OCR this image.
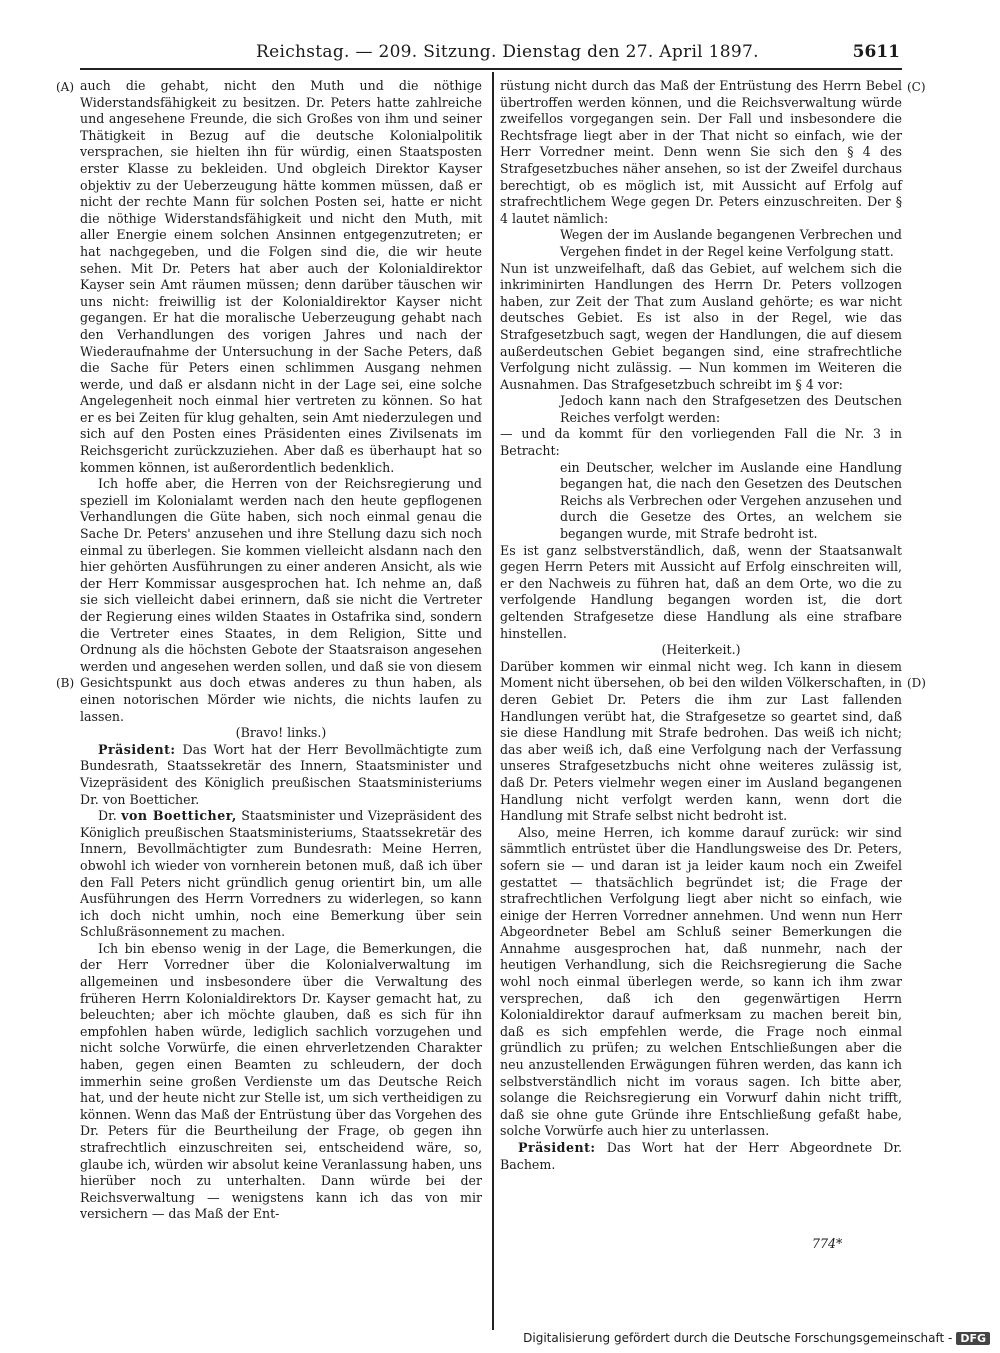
Reichstag. — 209. Sitzung. Dienstag den 27. April 1897.	5611
(A)
(B)
(C)
(D)

auch die gehabt, nicht den Muth und die nöthige Widerstandsfähigkeit zu besitzen. Dr. Peters hatte zahlreiche und angesehene Freunde, die sich Großes von ihm und seiner Thätigkeit in Bezug auf die deutsche Kolonialpolitik versprachen, sie hielten ihn für würdig, einen Staatsposten erster Klasse zu bekleiden. Und obgleich Direktor Kayser objektiv zu der Ueberzeugung hätte kommen müssen, daß er nicht der rechte Mann für solchen Posten sei, hatte er nicht die nöthige Widerstandsfähigkeit und nicht den Muth, mit aller Energie einem solchen Ansinnen entgegenzutreten; er hat nachgegeben, und die Folgen sind die, die wir heute sehen. Mit Dr. Peters hat aber auch der Kolonialdirektor Kayser sein Amt räumen müssen; denn darüber täuschen wir uns nicht: freiwillig ist der Kolonialdirektor Kayser nicht gegangen. Er hat die moralische Ueberzeugung gehabt nach den Verhandlungen des vorigen Jahres und nach der Wiederaufnahme der Untersuchung in der Sache Peters, daß die Sache für Peters einen schlimmen Ausgang nehmen werde, und daß er alsdann nicht in der Lage sei, eine solche Angelegenheit noch einmal hier vertreten zu können. So hat er es bei Zeiten für klug gehalten, sein Amt niederzulegen und sich auf den Posten eines Präsidenten eines Zivilsenats im Reichsgericht zurückzuziehen. Aber daß es überhaupt hat so kommen können, ist außerordentlich bedenklich.

Ich hoffe aber, die Herren von der Reichsregierung und speziell im Kolonialamt werden nach den heute gepflogenen Verhandlungen die Güte haben, sich noch einmal genau die Sache Dr. Peters' anzusehen und ihre Stellung dazu sich noch einmal zu überlegen. Sie kommen vielleicht alsdann nach den hier gehörten Ausführungen zu einer anderen Ansicht, als wie der Herr Kommissar ausgesprochen hat. Ich nehme an, daß sie sich vielleicht dabei erinnern, daß sie nicht die Vertreter der Regierung eines wilden Staates in Ostafrika sind, sondern die Vertreter eines Staates, in dem Religion, Sitte und Ordnung als die höchsten Gebote der Staatsraison angesehen werden und angesehen werden sollen, und daß sie von diesem Gesichtspunkt aus doch etwas anderes zu thun haben, als einen notorischen Mörder wie nichts, die nichts laufen zu lassen.

(Bravo! links.)

Präsident: Das Wort hat der Herr Bevollmächtigte zum Bundesrath, Staatssekretär des Innern, Staatsminister und Vizepräsident des Königlich preußischen Staatsministeriums Dr. von Boetticher.

Dr. von Boetticher, Staatsminister und Vizepräsident des Königlich preußischen Staatsministeriums, Staatssekretär des Innern, Bevollmächtigter zum Bundesrath: Meine Herren, obwohl ich wieder von vornherein betonen muß, daß ich über den Fall Peters nicht gründlich genug orientirt bin, um alle Ausführungen des Herrn Vorredners zu widerlegen, so kann ich doch nicht umhin, noch eine Bemerkung über sein Schlußräsonnement zu machen.

Ich bin ebenso wenig in der Lage, die Bemerkungen, die der Herr Vorredner über die Kolonialverwaltung im allgemeinen und insbesondere über die Verwaltung des früheren Herrn Kolonialdirektors Dr. Kayser gemacht hat, zu beleuchten; aber ich möchte glauben, daß es sich für ihn empfohlen haben würde, lediglich sachlich vorzugehen und nicht solche Vorwürfe, die einen ehrverletzenden Charakter haben, gegen einen Beamten zu schleudern, der doch immerhin seine großen Verdienste um das Deutsche Reich hat, und der heute nicht zur Stelle ist, um sich vertheidigen zu können. Wenn das Maß der Entrüstung über das Vorgehen des Dr. Peters für die Beurtheilung der Frage, ob gegen ihn strafrechtlich einzuschreiten sei, entscheidend wäre, so, glaube ich, würden wir absolut keine Veranlassung haben, uns hierüber noch zu unterhalten. Dann würde bei der Reichsverwaltung — wenigstens kann ich das von mir versichern — das Maß der Ent-

rüstung nicht durch das Maß der Entrüstung des Herrn Bebel übertroffen werden können, und die Reichsverwaltung würde zweifellos vorgegangen sein. Der Fall und insbesondere die Rechtsfrage liegt aber in der That nicht so einfach, wie der Herr Vorredner meint. Denn wenn Sie sich den § 4 des Strafgesetzbuches näher ansehen, so ist der Zweifel durchaus berechtigt, ob es möglich ist, mit Aussicht auf Erfolg auf strafrechtlichem Wege gegen Dr. Peters einzuschreiten. Der § 4 lautet nämlich:

Wegen der im Auslande begangenen Verbrechen und Vergehen findet in der Regel keine Verfolgung statt.

Nun ist unzweifelhaft, daß das Gebiet, auf welchem sich die inkriminirten Handlungen des Herrn Dr. Peters vollzogen haben, zur Zeit der That zum Ausland gehörte; es war nicht deutsches Gebiet. Es ist also in der Regel, wie das Strafgesetzbuch sagt, wegen der Handlungen, die auf diesem außerdeutschen Gebiet begangen sind, eine strafrechtliche Verfolgung nicht zulässig. — Nun kommen im Weiteren die Ausnahmen. Das Strafgesetzbuch schreibt im § 4 vor:

Jedoch kann nach den Strafgesetzen des Deutschen Reiches verfolgt werden:

— und da kommt für den vorliegenden Fall die Nr. 3 in Betracht:

ein Deutscher, welcher im Auslande eine Handlung begangen hat, die nach den Gesetzen des Deutschen Reichs als Verbrechen oder Vergehen anzusehen und durch die Gesetze des Ortes, an welchem sie begangen wurde, mit Strafe bedroht ist.

Es ist ganz selbstverständlich, daß, wenn der Staatsanwalt gegen Herrn Peters mit Aussicht auf Erfolg einschreiten will, er den Nachweis zu führen hat, daß an dem Orte, wo die zu verfolgende Handlung begangen worden ist, die dort geltenden Strafgesetze diese Handlung als eine strafbare hinstellen.

(Heiterkeit.)

Darüber kommen wir einmal nicht weg. Ich kann in diesem Moment nicht übersehen, ob bei den wilden Völkerschaften, in deren Gebiet Dr. Peters die ihm zur Last fallenden Handlungen verübt hat, die Strafgesetze so geartet sind, daß sie diese Handlung mit Strafe bedrohen. Das weiß ich nicht; das aber weiß ich, daß eine Verfolgung nach der Verfassung unseres Strafgesetzbuchs nicht ohne weiteres zulässig ist, daß Dr. Peters vielmehr wegen einer im Ausland begangenen Handlung nicht verfolgt werden kann, wenn dort die Handlung mit Strafe selbst nicht bedroht ist.

Also, meine Herren, ich komme darauf zurück: wir sind sämmtlich entrüstet über die Handlungsweise des Dr. Peters, sofern sie — und daran ist ja leider kaum noch ein Zweifel gestattet — thatsächlich begründet ist; die Frage der strafrechtlichen Verfolgung liegt aber nicht so einfach, wie einige der Herren Vorredner annehmen. Und wenn nun Herr Abgeordneter Bebel am Schluß seiner Bemerkungen die Annahme ausgesprochen hat, daß nunmehr, nach der heutigen Verhandlung, sich die Reichsregierung die Sache wohl noch einmal überlegen werde, so kann ich ihm zwar versprechen, daß ich den gegenwärtigen Herrn Kolonialdirektor darauf aufmerksam zu machen bereit bin, daß es sich empfehlen werde, die Frage noch einmal gründlich zu prüfen; zu welchen Entschließungen aber die neu anzustellenden Erwägungen führen werden, das kann ich selbstverständlich nicht im voraus sagen. Ich bitte aber, solange die Reichsregierung ein Vorwurf dahin nicht trifft, daß sie ohne gute Gründe ihre Entschließung gefaßt habe, solche Vorwürfe auch hier zu unterlassen.

Präsident: Das Wort hat der Herr Abgeordnete Dr. Bachem.

774*
Digitalisierung gefördert durch die Deutsche Forschungsgemeinschaft - DFG
